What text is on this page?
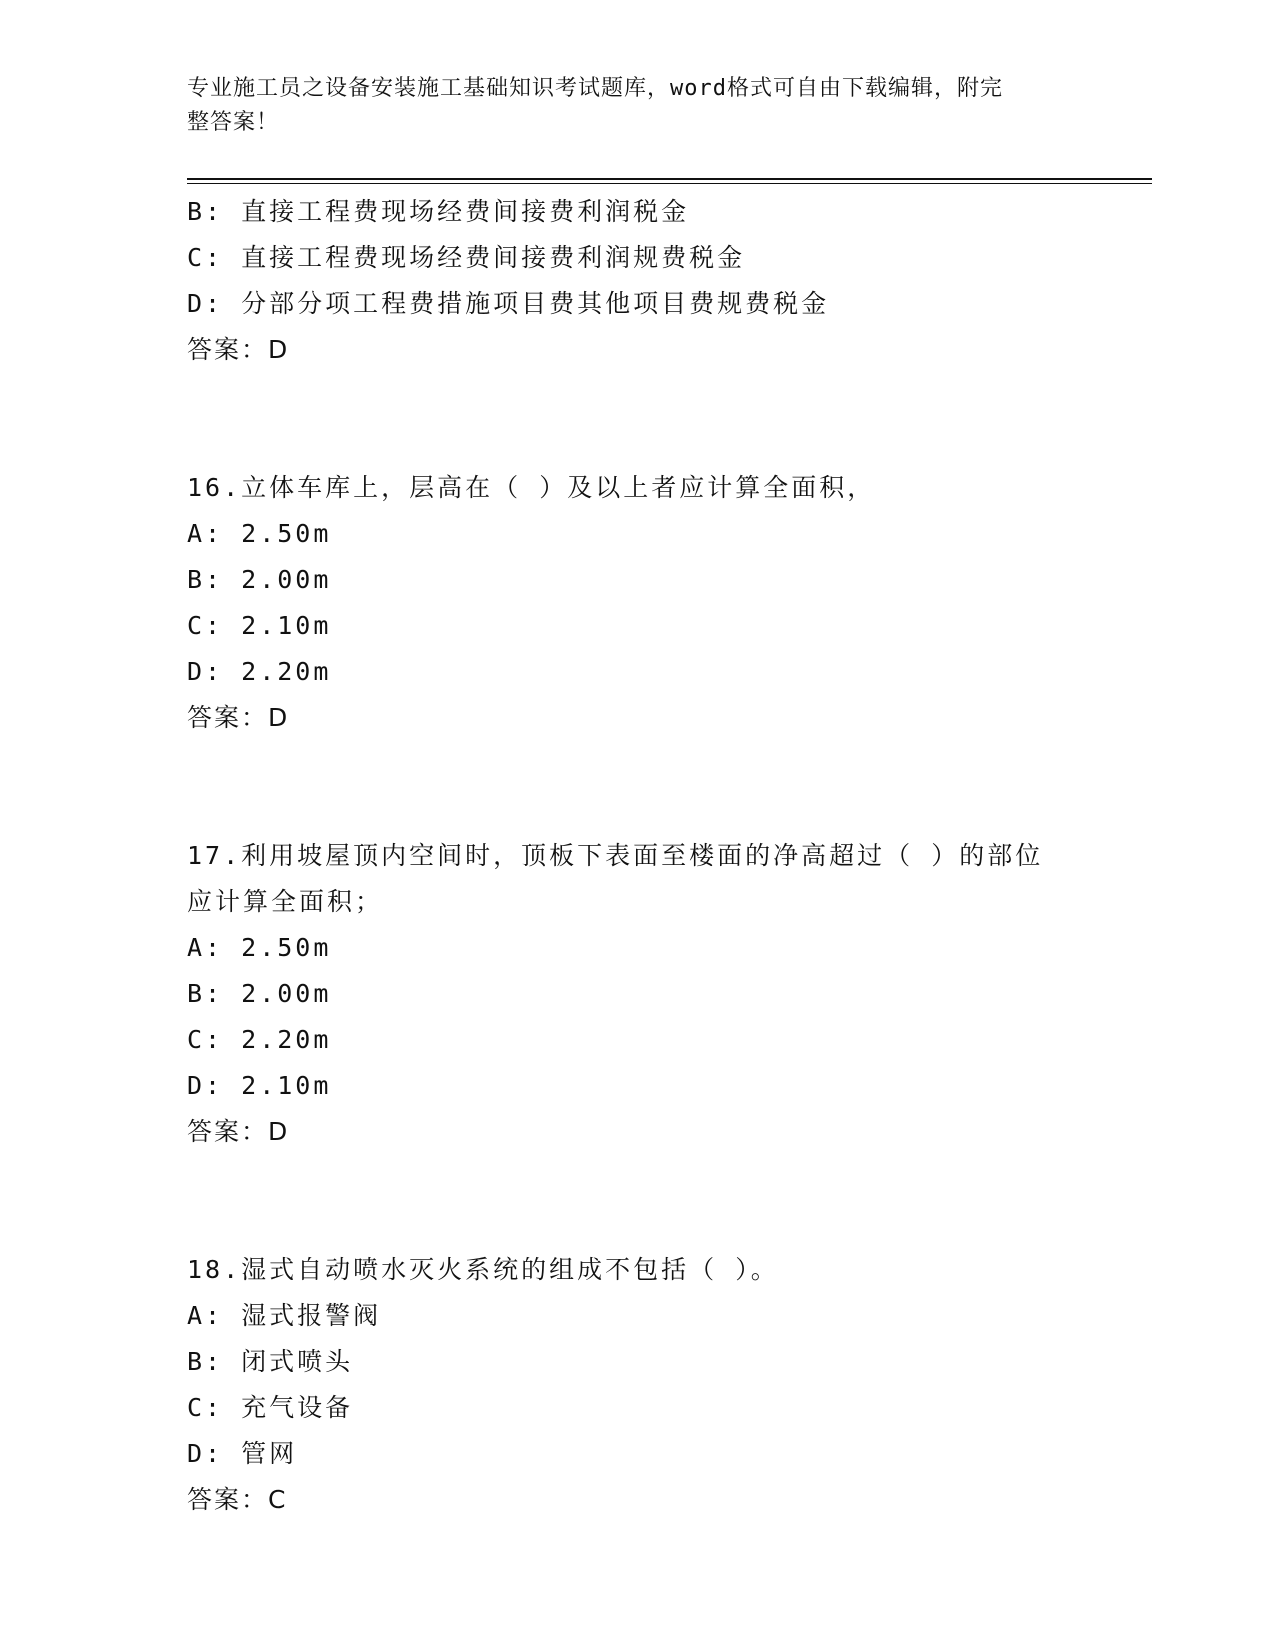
专业施工员之设备安装施工基础知识考试题库，word格式可自由下载编辑，附完
整答案！
B: 直接工程费现场经费间接费利润税金
C: 直接工程费现场经费间接费利润规费税金
D: 分部分项工程费措施项目费其他项目费规费税金
答案：D
16.立体车库上，层高在（ ）及以上者应计算全面积，
A: 2.50m
B: 2.00m
C: 2.10m
D: 2.20m
答案：D
17.利用坡屋顶内空间时，顶板下表面至楼面的净高超过（ ）的部位
应计算全面积；
A: 2.50m
B: 2.00m
C: 2.20m
D: 2.10m
答案：D
18.湿式自动喷水灭火系统的组成不包括（ ）。
A: 湿式报警阀
B: 闭式喷头
C: 充气设备
D: 管网
答案：C
